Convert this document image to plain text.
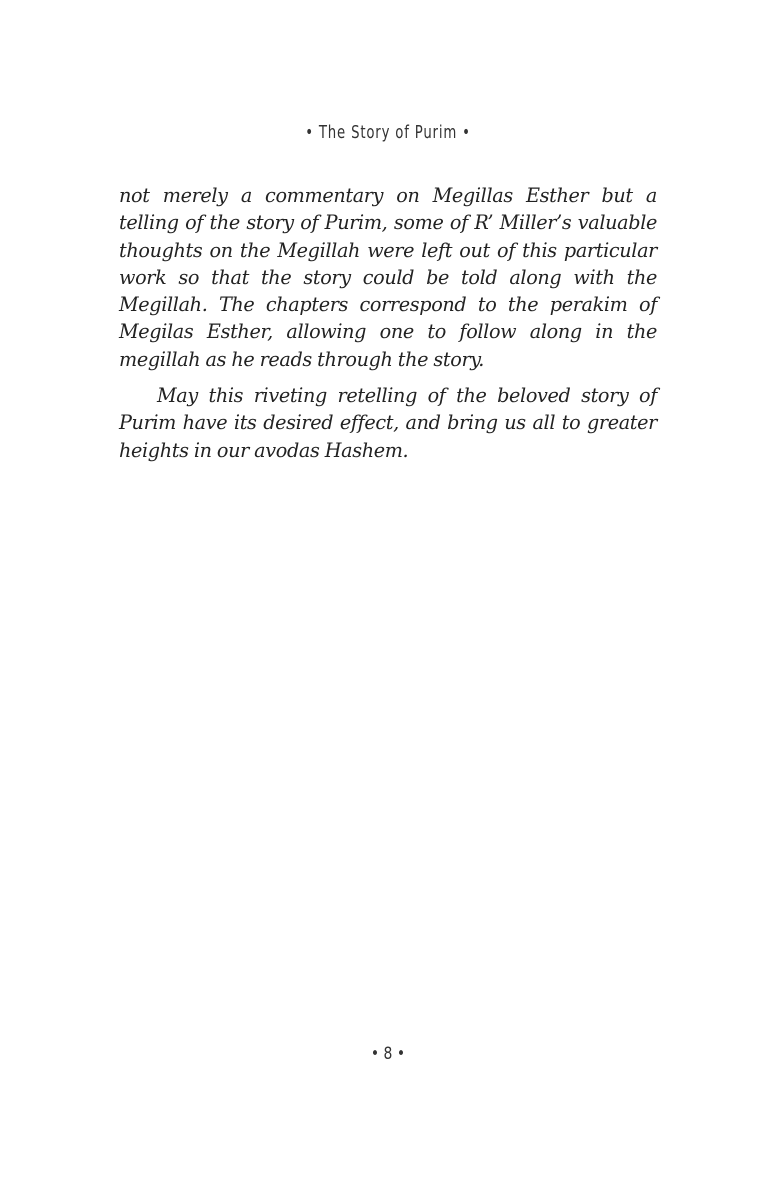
• The Story of Purim •

not merely a commentary on Megillas Esther but a telling of the story of Purim, some of R’ Miller’s valuable thoughts on the Megillah were left out of this particular work so that the story could be told along with the Megillah. The chapters correspond to the perakim of Megilas Esther, allowing one to follow along in the megillah as he reads through the story.

May this riveting retelling of the beloved story of Purim have its desired effect, and bring us all to greater heights in our avodas Hashem.

• 8 •
